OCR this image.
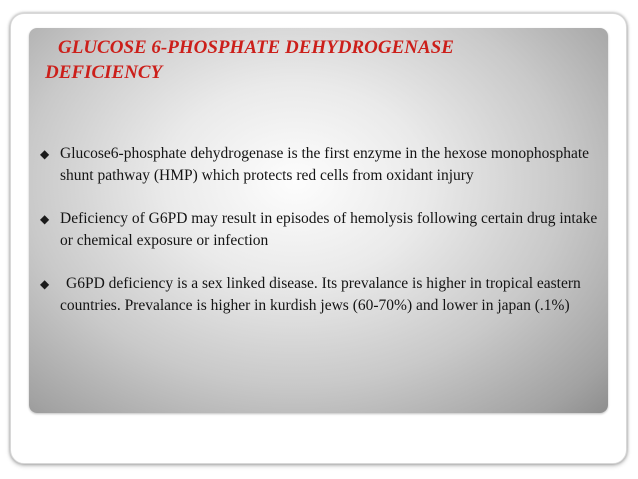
GLUCOSE 6-PHOSPHATE DEHYDROGENASE
DEFICIENCY
◆ Glucose6-phosphate dehydrogenase is the first enzyme in the hexose monophosphate shunt pathway (HMP) which protects red cells from oxidant injury
◆ Deficiency of G6PD may result in episodes of hemolysis following certain drug intake or chemical exposure or infection
◆	G6PD deficiency is a sex linked disease. Its prevalance is higher in tropical eastern countries. Prevalance is higher in kurdish jews (60-70%) and lower in japan (.1%)
